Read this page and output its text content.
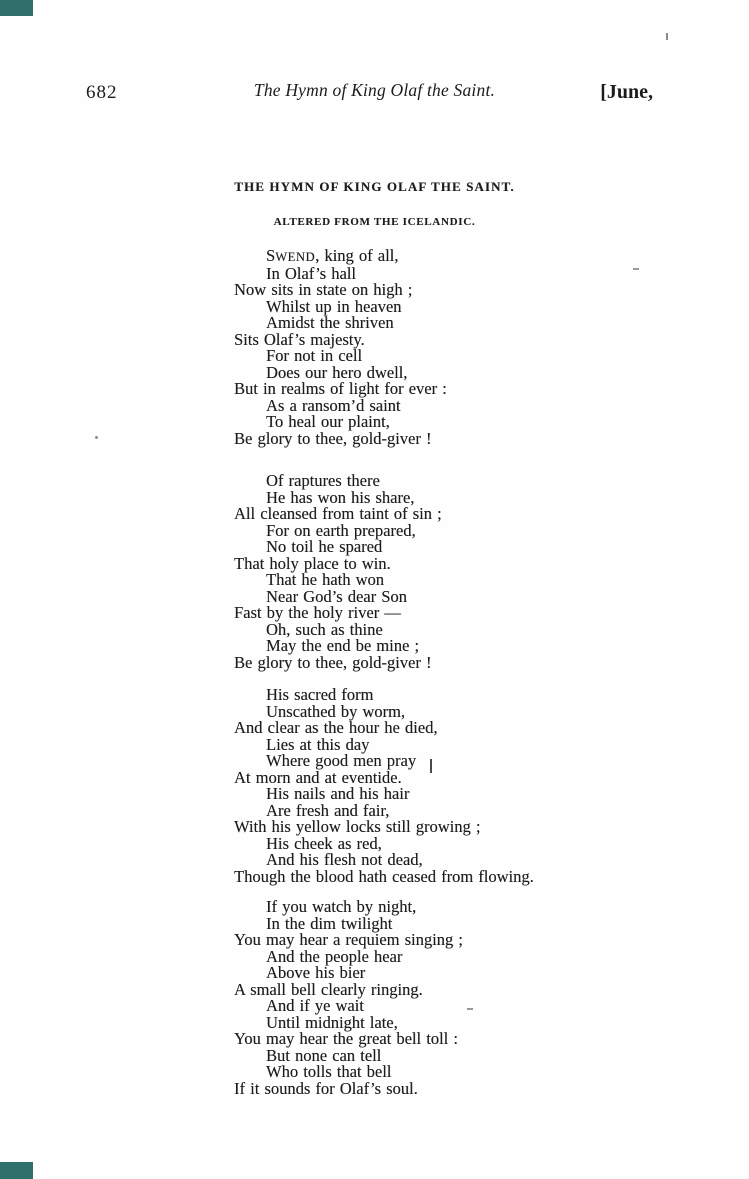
682	The Hymn of King Olaf the Saint.	[June,
THE HYMN OF KING OLAF THE SAINT.
ALTERED FROM THE ICELANDIC.
SWEND, king of all,
In Olaf’s hall
Now sits in state on high ;
Whilst up in heaven
Amidst the shriven
Sits Olaf’s majesty.
For not in cell
Does our hero dwell,
But in realms of light for ever :
As a ransom’d saint
To heal our plaint,
Be glory to thee, gold-giver !
Of raptures there
He has won his share,
All cleansed from taint of sin ;
For on earth prepared,
No toil he spared
That holy place to win.
That he hath won
Near God’s dear Son
Fast by the holy river —
Oh, such as thine
May the end be mine ;
Be glory to thee, gold-giver !
His sacred form
Unscathed by worm,
And clear as the hour he died,
Lies at this day
Where good men pray
At morn and at eventide.
His nails and his hair
Are fresh and fair,
With his yellow locks still growing ;
His cheek as red,
And his flesh not dead,
Though the blood hath ceased from flowing.
If you watch by night,
In the dim twilight
You may hear a requiem singing ;
And the people hear
Above his bier
A small bell clearly ringing.
And if ye wait
Until midnight late,
You may hear the great bell toll :
But none can tell
Who tolls that bell
If it sounds for Olaf’s soul.
